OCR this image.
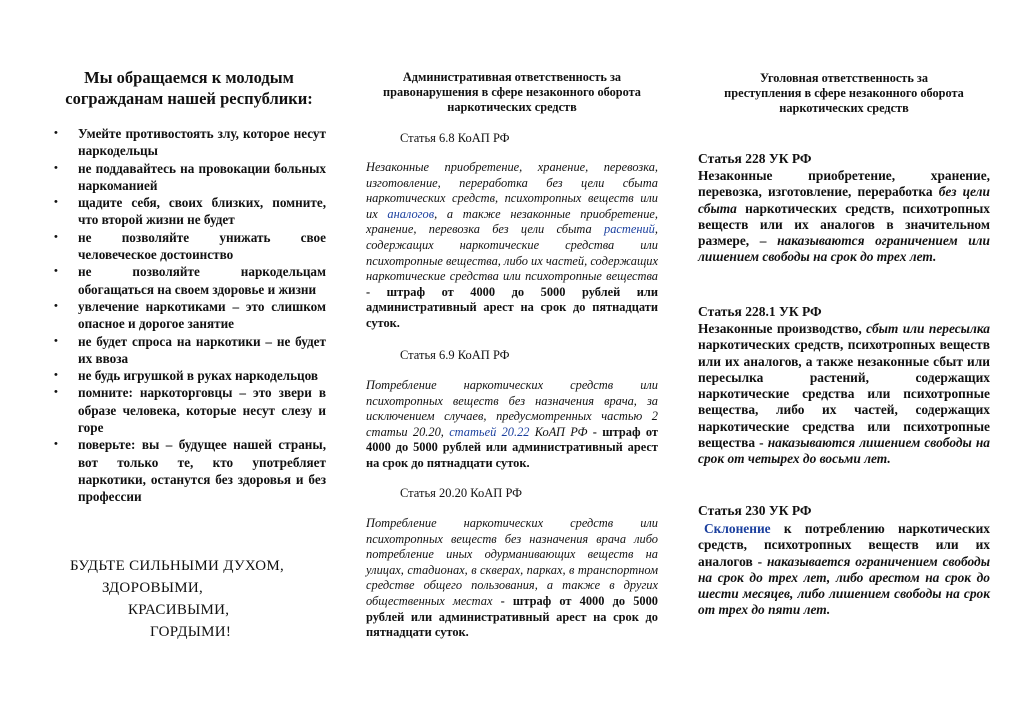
Мы обращаемся к молодым
согражданам нашей республики:
• Умейте противостоять злу, которое несут наркодельцы
• не поддавайтесь на провокации больных наркоманией
• щадите себя, своих близких, помните, что второй жизни не будет
• не позволяйте унижать свое человеческое достоинство
• не позволяйте наркодельцам обогащаться на своем здоровье и жизни
• увлечение наркотиками – это слишком опасное и дорогое занятие
• не будет спроса на наркотики – не будет их ввоза
• не будь игрушкой в руках наркодельцов
• помните: наркоторговцы – это звери в образе человека, которые несут слезу и горе
• поверьте: вы – будущее нашей страны, вот только те, кто употребляет наркотики, останутся без здоровья и без профессии
БУДЬТЕ СИЛЬНЫМИ ДУХОМ,
ЗДОРОВЫМИ,
КРАСИВЫМИ,
ГОРДЫМИ!
Административная ответственность за
правонарушения в сфере незаконного оборота
наркотических средств
Статья 6.8 КоАП РФ
Незаконные приобретение, хранение, перевозка, изготовление, переработка без цели сбыта наркотических средств, психотропных веществ или их аналогов, а также незаконные приобретение, хранение, перевозка без цели сбыта растений, содержащих наркотические средства или психотропные вещества, либо их частей, содержащих наркотические средства или психотропные вещества - штраф от 4000 до 5000 рублей или административный арест на срок до пятнадцати суток.
Статья 6.9 КоАП РФ
Потребление наркотических средств или психотропных веществ без назначения врача, за исключением случаев, предусмотренных частью 2 статьи 20.20, статьей 20.22 КоАП РФ - штраф от 4000 до 5000 рублей или административный арест на срок до пятнадцати суток.
Статья 20.20 КоАП РФ
Потребление наркотических средств или психотропных веществ без назначения врача либо потребление иных одурманивающих веществ на улицах, стадионах, в скверах, парках, в транспортном средстве общего пользования, а также в других общественных местах - штраф от 4000 до 5000 рублей или административный арест на срок до пятнадцати суток.
Уголовная ответственность за
преступления в сфере незаконного оборота
наркотических средств
Статья 228 УК РФ
Незаконные приобретение, хранение, перевозка, изготовление, переработка без цели сбыта наркотических средств, психотропных веществ или их аналогов в значительном размере, – наказываются ограничением или лишением свободы на срок до трех лет.
Статья 228.1 УК РФ
Незаконные производство, сбыт или пересылка наркотических средств, психотропных веществ или их аналогов, а также незаконные сбыт или пересылка растений, содержащих наркотические средства или психотропные вещества, либо их частей, содержащих наркотические средства или психотропные вещества - наказываются лишением свободы на срок от четырех до восьми лет.
Статья 230 УК РФ
Склонение к потреблению наркотических средств, психотропных веществ или их аналогов - наказывается ограничением свободы на срок до трех лет, либо арестом на срок до шести месяцев, либо лишением свободы на срок от трех до пяти лет.
